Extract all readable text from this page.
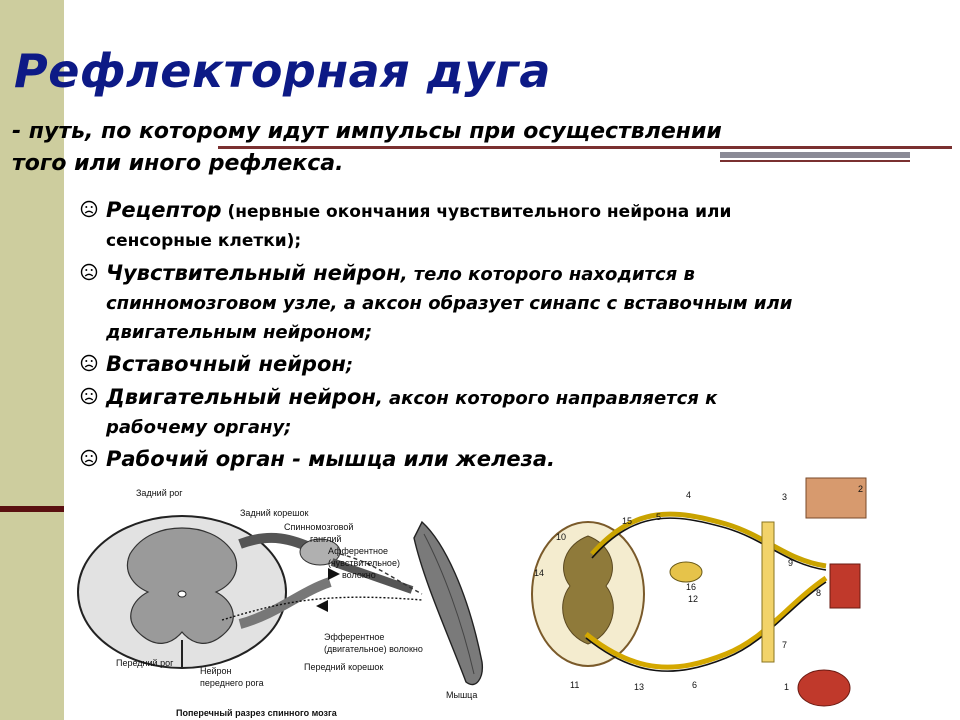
Рефлекторная дуга
- путь, по которому идут импульсы при осуществлении
того или иного рефлекса.
Рецептор (нервные окончания чувствительного нейрона или
сенсорные клетки);
Чувствительный нейрон, тело которого находится в
спинномозговом узле, а аксон образует синапс с вставочным или
двигательным нейроном;
Вставочный нейрон;
Двигательный нейрон, аксон которого направляется к
рабочему органу;
Рабочий орган - мышца или железа.
Задний рог
Задний корешок
Спинномозговой
ганглий
Афферентное
(чувствительное)
волокно
Эфферентное
(двигательное) волокно
Передний рог
Нейрон
переднего рога
Передний корешок
Мышца
Поперечный разрез спинного мозга
10
15	5
4	3
2
9
14
16
12
7
8
11	13	6	1
